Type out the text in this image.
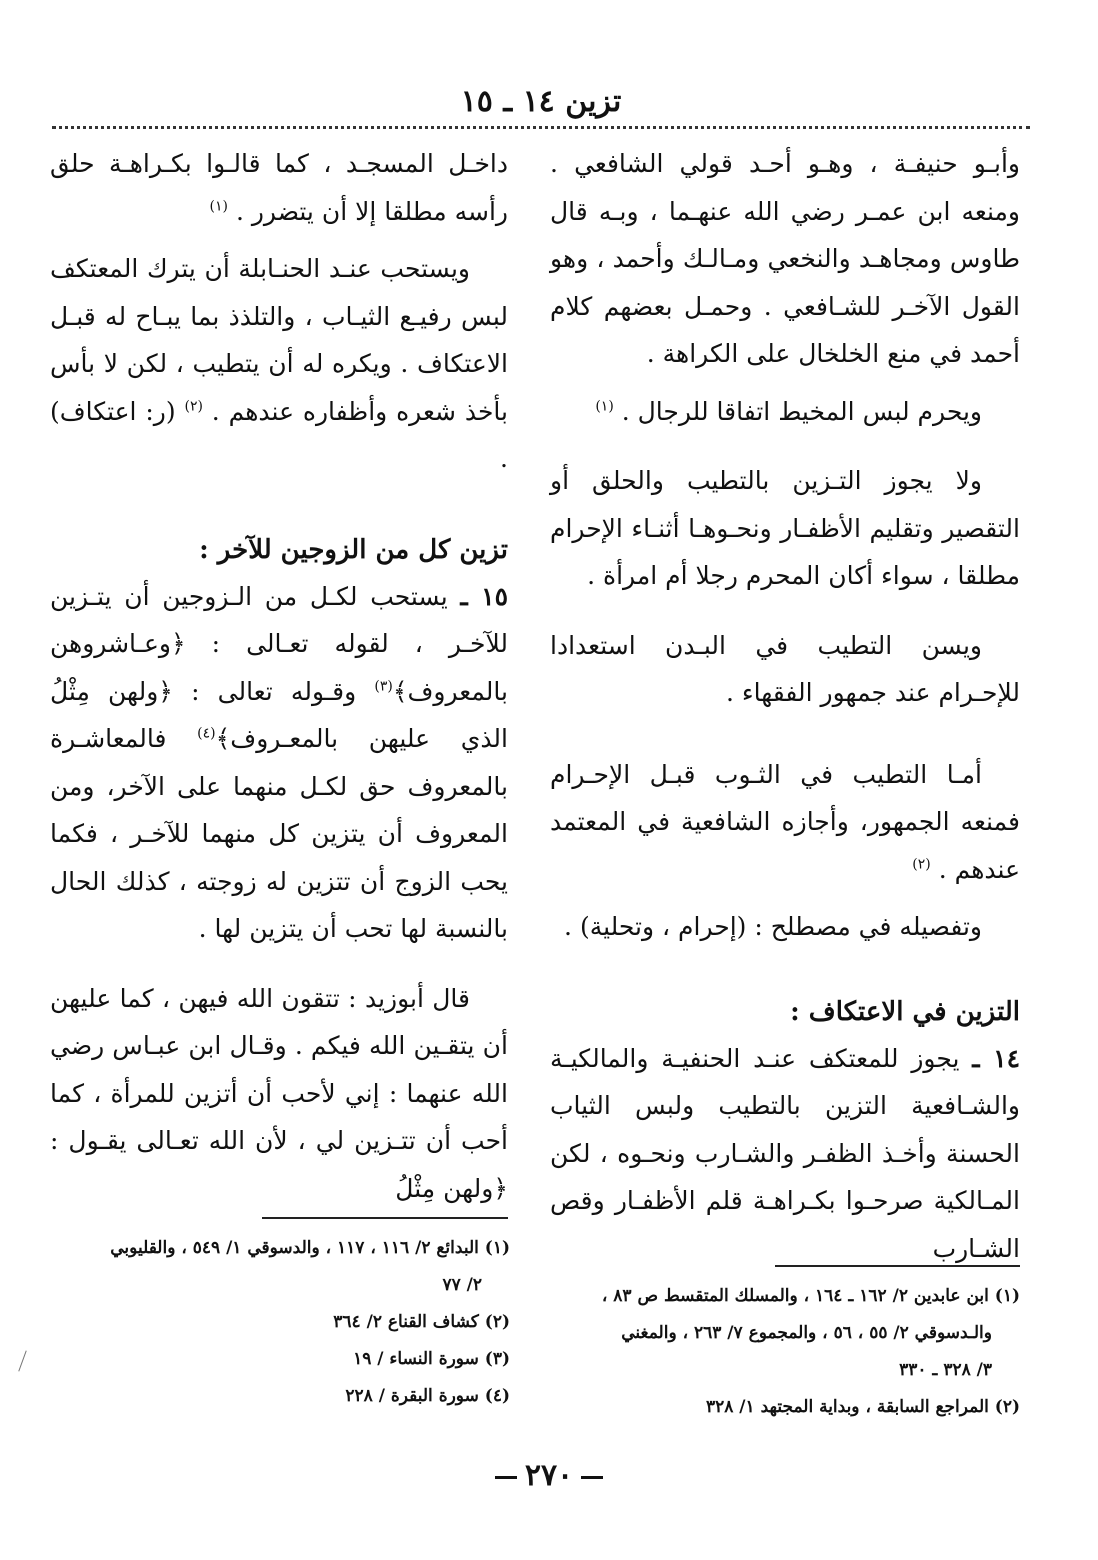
تزين ١٤ ـ ١٥

وأبـو حنيفـة ، وهـو أحـد قولي الشافعي . ومنعه ابن عمـر رضي الله عنهـما ، وبـه قال طاوس ومجاهـد والنخعي ومـالـك وأحمد ، وهو القول الآخـر للشـافعي . وحمـل بعضهم كلام أحمد في منع الخلخال على الكراهة .

ويحرم لبس المخيط اتفاقا للرجال . $^{(١)}$

ولا يجوز التـزين بالتطيب والحلق أو التقصير وتقليم الأظفـار ونحـوهـا أثنـاء الإحرام مطلقا ، سواء أكان المحرم رجلا أم امرأة .

ويسن التطيب في البـدن استعدادا للإحـرام عند جمهور الفقهاء .

أمـا التطيب في الثـوب قبـل الإحـرام فمنعه الجمهور، وأجازه الشافعية في المعتمد عندهم . $^{(٢)}$

وتفصيله في مصطلح : (إحرام ، وتحلية) .

التزين في الاعتكاف :

١٤ ـ يجوز للمعتكف عنـد الحنفيـة والمالكيـة والشـافعية التزين بالتطيب ولبس الثياب الحسنة وأخـذ الظفـر والشـارب ونحـوه ، لكن المـالكية صرحـوا بكـراهـة قلم الأظفـار وقص الشـارب

داخـل المسجـد ، كما قالـوا بكـراهـة حلق رأسه مطلقا إلا أن يتضرر . $^{(١)}$

ويستحب عنـد الحنـابلة أن يترك المعتكف لبس رفيـع الثيـاب ، والتلذذ بما يبـاح له قبـل الاعتكاف . ويكره له أن يتطيب ، لكن لا بأس بأخذ شعره وأظفاره عندهم . $^{(٢)}$ (ر: اعتكاف) .

تزين كل من الزوجين للآخر :

١٥ ـ يستحب لكـل من الـزوجين أن يتـزين للآخـر ، لقوله تعـالى : ﴿وعـاشروهن بالمعروف﴾$^{(٣)}$ وقـوله تعالى : ﴿ولهن مِثْلُ الذي عليهن بالمعـروف﴾$^{(٤)}$ فالمعاشـرة بالمعروف حق لكـل منهما على الآخر، ومن المعروف أن يتزين كل منهما للآخـر ، فكما يحب الزوج أن تتزين له زوجته ، كذلك الحال بالنسبة لها تحب أن يتزين لها .

قال أبوزيد : تتقون الله فيهن ، كما عليهن أن يتقـين الله فيكم . وقـال ابن عبـاس رضي الله عنهما : إني لأحب أن أتزين للمرأة ، كما أحب أن تتـزين لي ، لأن الله تعـالى يقـول : ﴿ولهن مِثْلُ

(١) ابن عابدين ٢/ ١٦٢ ـ ١٦٤ ، والمسلك المتقسط ص ٨٣ ،
والـدسوقي ٢/ ٥٥ ، ٥٦ ، والمجموع ٧/ ٢٦٣ ، والمغني
٣/ ٣٢٨ ـ ٣٣٠
(٢) المراجع السابقة ، وبداية المجتهد ١/ ٣٢٨
(١) البدائع ٢/ ١١٦ ، ١١٧ ، والدسوقي ١/ ٥٤٩ ، والقليوبي
٢/ ٧٧
(٢) كشاف القناع ٢/ ٣٦٤
(٣) سورة النساء / ١٩
(٤) سورة البقرة / ٢٢٨
٢٧٠
